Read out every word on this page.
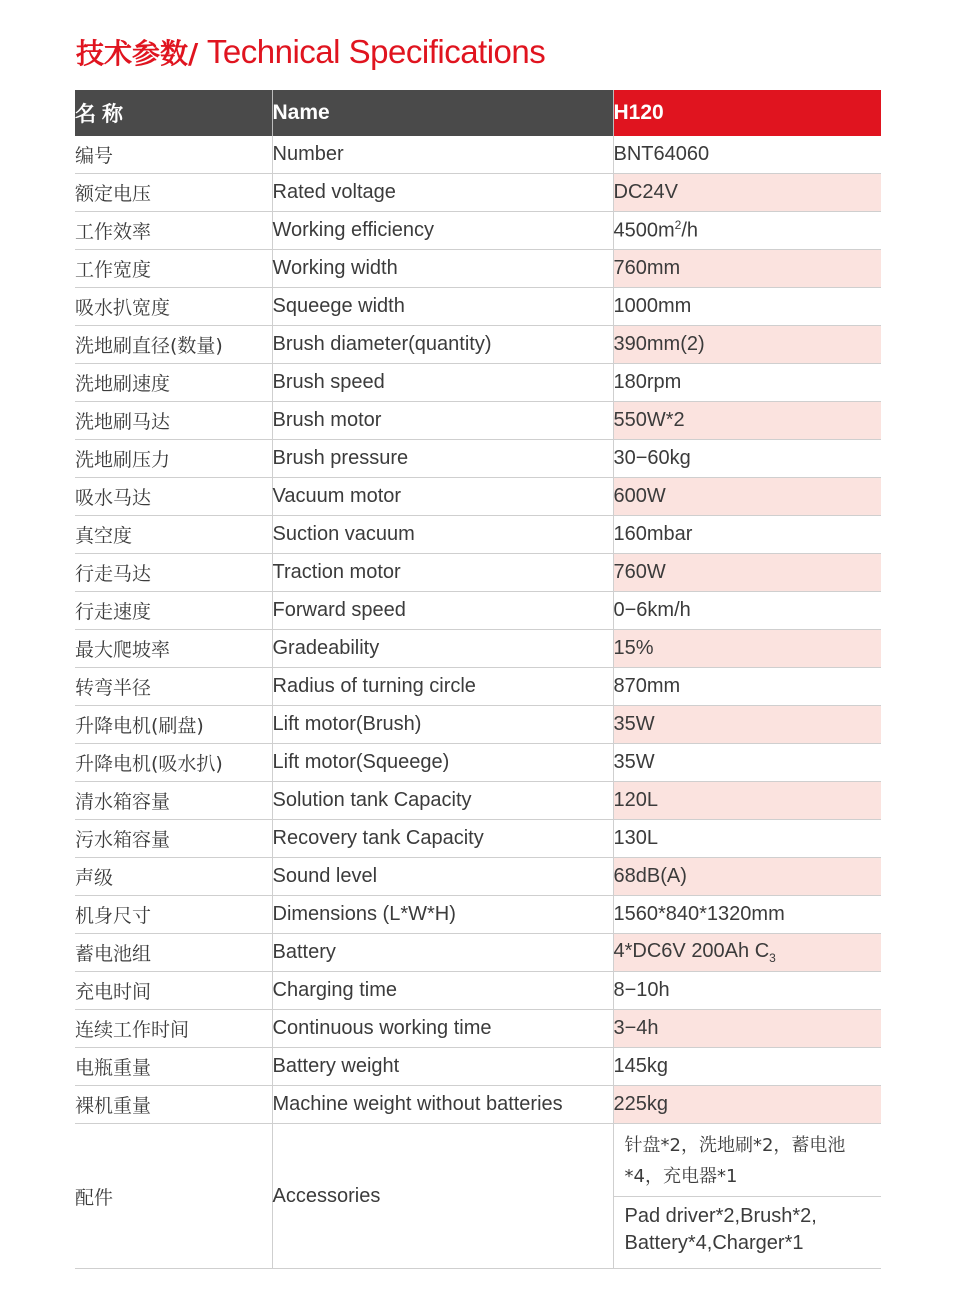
技术参数/ Technical Specifications
名称	Name	H120
编号	Number	BNT64060
额定电压	Rated voltage	DC24V
工作效率	Working efficiency	$4500m^2/h$
工作宽度	Working width	760mm
吸水扒宽度	Squeege width	1000mm
洗地刷直径(数量)	Brush diameter(quantity)	390mm(2)
洗地刷速度	Brush speed	180rpm
洗地刷马达	Brush motor	550W*2
洗地刷压力	Brush pressure	30−60kg
吸水马达	Vacuum motor	600W
真空度	Suction vacuum	160mbar
行走马达	Traction motor	760W
行走速度	Forward speed	0−6km/h
最大爬坡率	Gradeability	15%
转弯半径	Radius of turning circle	870mm
升降电机(刷盘)	Lift motor(Brush)	35W
升降电机(吸水扒)	Lift motor(Squeege)	35W
清水箱容量	Solution tank Capacity	120L
污水箱容量	Recovery tank Capacity	130L
声级	Sound level	68dB(A)
机身尺寸	Dimensions (L*W*H)	1560*840*1320mm
蓄电池组	Battery	4*DC6V 200Ah $C_3$
充电时间	Charging time	8−10h
连续工作时间	Continuous working time	3−4h
电瓶重量	Battery weight	145kg
裸机重量	Machine weight without batteries	225kg
配件	Accessories	针盘*2，洗地刷*2，蓄电池*4，充电器*1
Pad driver*2,Brush*2, Battery*4,Charger*1
